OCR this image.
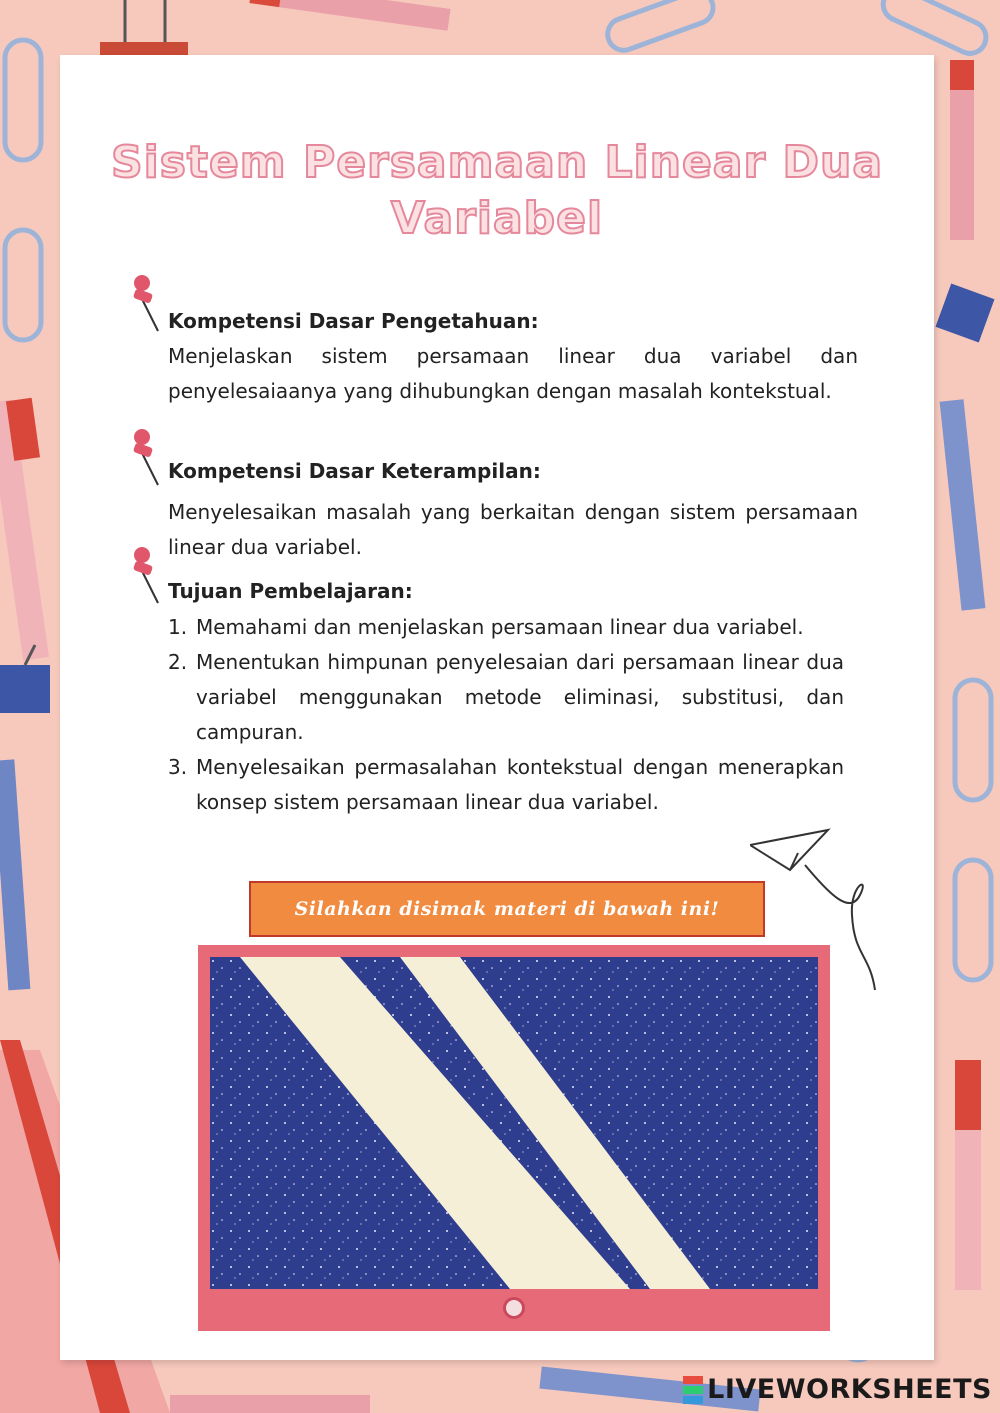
Sistem Persamaan Linear Dua
Variabel
Kompetensi Dasar Pengetahuan:
Menjelaskan sistem persamaan linear dua variabel dan penyelesaiaanya yang dihubungkan dengan masalah kontekstual.
Kompetensi Dasar Keterampilan:
Menyelesaikan masalah yang berkaitan dengan sistem persamaan linear dua variabel.
Tujuan Pembelajaran:
1. Memahami dan menjelaskan persamaan linear dua variabel.
2. Menentukan himpunan penyelesaian dari persamaan linear dua variabel menggunakan metode eliminasi, substitusi, dan campuran.
3. Menyelesaikan permasalahan kontekstual dengan menerapkan konsep sistem persamaan linear dua variabel.
Silahkan disimak materi di bawah ini!
LIVEWORKSHEETS
